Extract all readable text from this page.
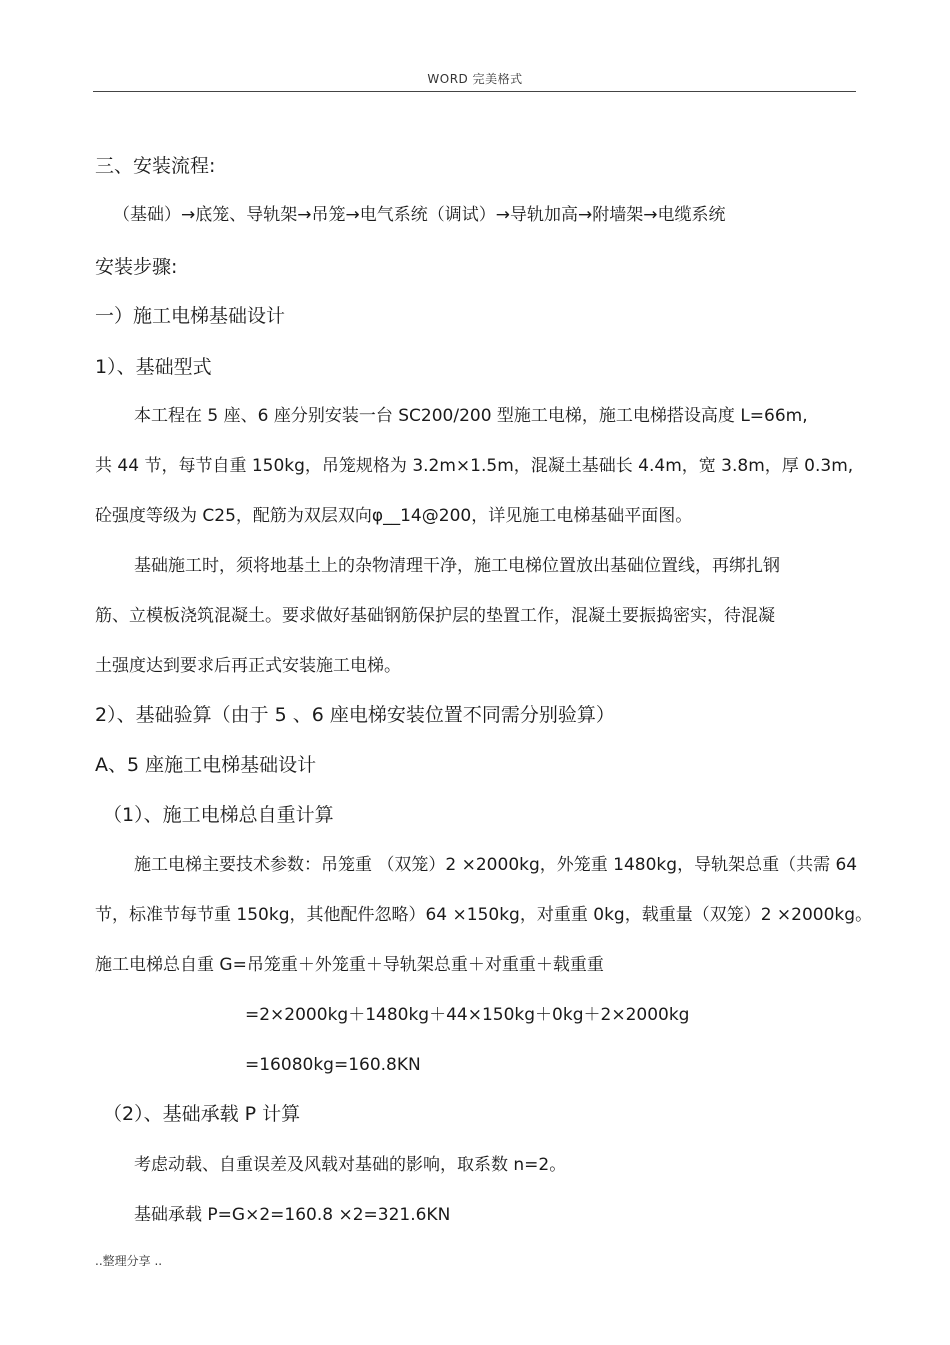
WORD 完美格式
三、安装流程:
（基础）→底笼、导轨架→吊笼→电气系统（调试）→导轨加高→附墙架→电缆系统
安装步骤:
一）施工电梯基础设计
1）、基础型式
本工程在 5 座、6 座分别安装一台 SC200/200 型施工电梯，施工电梯搭设高度 L=66m,
共 44 节，每节自重 150kg，吊笼规格为 3.2m×1.5m，混凝土基础长 4.4m，宽 3.8m，厚 0.3m,
砼强度等级为 C25，配筋为双层双向φ__14@200，详见施工电梯基础平面图。
基础施工时，须将地基土上的杂物清理干净，施工电梯位置放出基础位置线，再绑扎钢
筋、立模板浇筑混凝土。要求做好基础钢筋保护层的垫置工作，混凝土要振捣密实，待混凝
土强度达到要求后再正式安装施工电梯。
2）、基础验算（由于 5 、6 座电梯安装位置不同需分别验算）
A、5 座施工电梯基础设计
（1）、施工电梯总自重计算
施工电梯主要技术参数：吊笼重 （双笼）2 ×2000kg，外笼重 1480kg，导轨架总重（共需 64
节，标准节每节重 150kg，其他配件忽略）64 ×150kg，对重重 0kg，载重量（双笼）2 ×2000kg。
施工电梯总自重 G=吊笼重＋外笼重＋导轨架总重＋对重重＋载重重
=2×2000kg＋1480kg＋44×150kg＋0kg＋2×2000kg
=16080kg=160.8KN
（2）、基础承载 P 计算
考虑动载、自重误差及风载对基础的影响，取系数 n=2。
基础承载 P=G×2=160.8 ×2=321.6KN
..整理分享 ..
